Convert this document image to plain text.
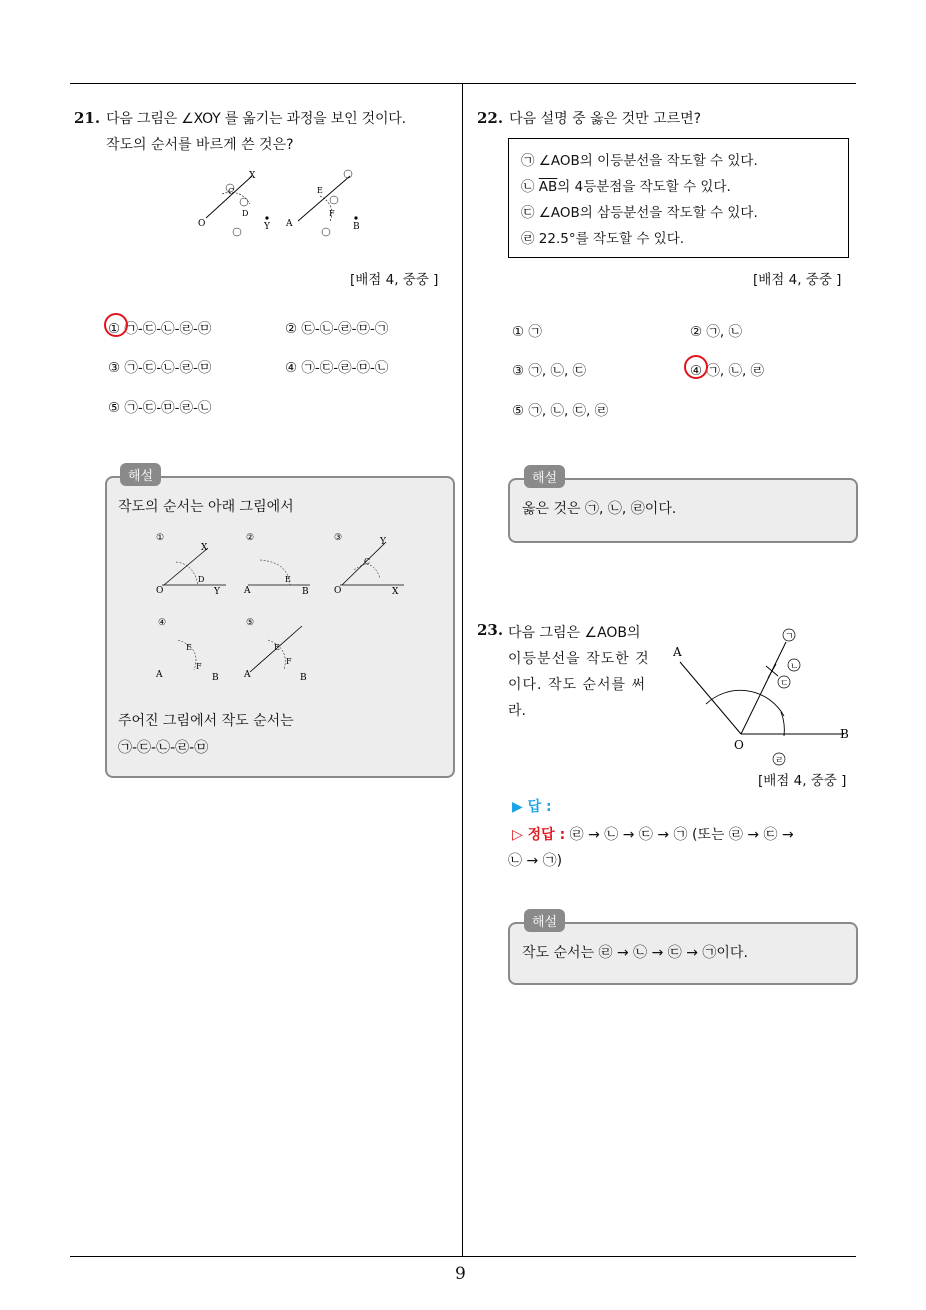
9
21. 다음 그림은 ∠XOY 를 옮기는 과정을 보인 것이다.
작도의 순서를 바르게 쓴 것은?
O
X
Y
C
D
A	B
E
F
[배점 4, 중중 ]
① ㉠-㉢-㉡-㉣-㉤	② ㉢-㉡-㉣-㉤-㉠
③ ㉠-㉢-㉡-㉣-㉤	④ ㉠-㉢-㉣-㉤-㉡
⑤ ㉠-㉢-㉤-㉣-㉡
해설
작도의 순서는 아래 그림에서
①
O
X
Y
D
②
A	B
E
③
O
Y
X
C
④
A	B
E
F
⑤
A	B
E
F
주어진 그림에서 작도 순서는
㉠-㉢-㉡-㉣-㉤
22. 다음 설명 중 옳은 것만 고르면?
㉠ ∠AOB의 이등분선을 작도할 수 있다.
㉡ $\overline{AB}$의 4등분점을 작도할 수 있다.
㉢ ∠AOB의 삼등분선을 작도할 수 있다.
㉣ 22.5°를 작도할 수 있다.
[배점 4, 중중 ]
① ㉠	② ㉠, ㉡
③ ㉠, ㉡, ㉢	④ ㉠, ㉡, ㉣
⑤ ㉠, ㉡, ㉢, ㉣
해설
옳은 것은 ㉠, ㉡, ㉣이다.
23. 다음 그림은 ∠AOB의
이등분선을 작도한 것
이다. 작도 순서를 써
라.
A
O
B
ㄱ
ㄴ
ㄷ
ㄹ
[배점 4, 중중 ]
▶ 답 :
▷ 정답 : ㉣ → ㉡ → ㉢ → ㉠ (또는 ㉣ → ㉢ →
㉡ → ㉠)
해설
작도 순서는 ㉣ → ㉡ → ㉢ → ㉠이다.
